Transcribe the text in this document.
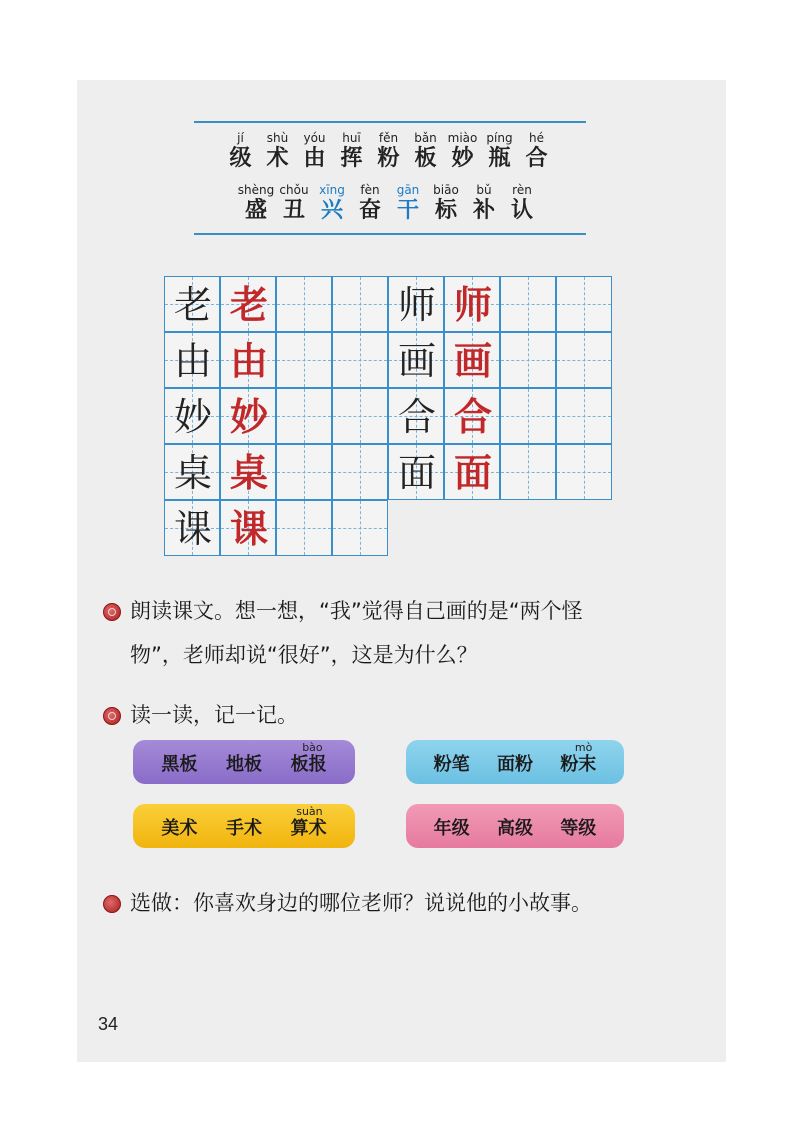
jí
级
shù
术
yóu
由
huī
挥
fěn
粉
bǎn
板
miào
妙
píng
瓶
hé
合
shèng
盛
chǒu
丑
xīng
兴
fèn
奋
gān
干
biāo
标
bǔ
补
rèn
认
老 老	师 师
由 由	画 画
妙 妙	合 合
桌 桌	面 面
课 课
朗读课文。想一想，“我”觉得自己画的是“两个怪
物”，老师却说“很好”，这是为什么？
读一读，记一记。
黑板 地板
bào
板报	粉笔 面粉
mò
粉末
美术 手术
suàn
算术	年级 高级 等级
选做：你喜欢身边的哪位老师？说说他的小故事。
34
